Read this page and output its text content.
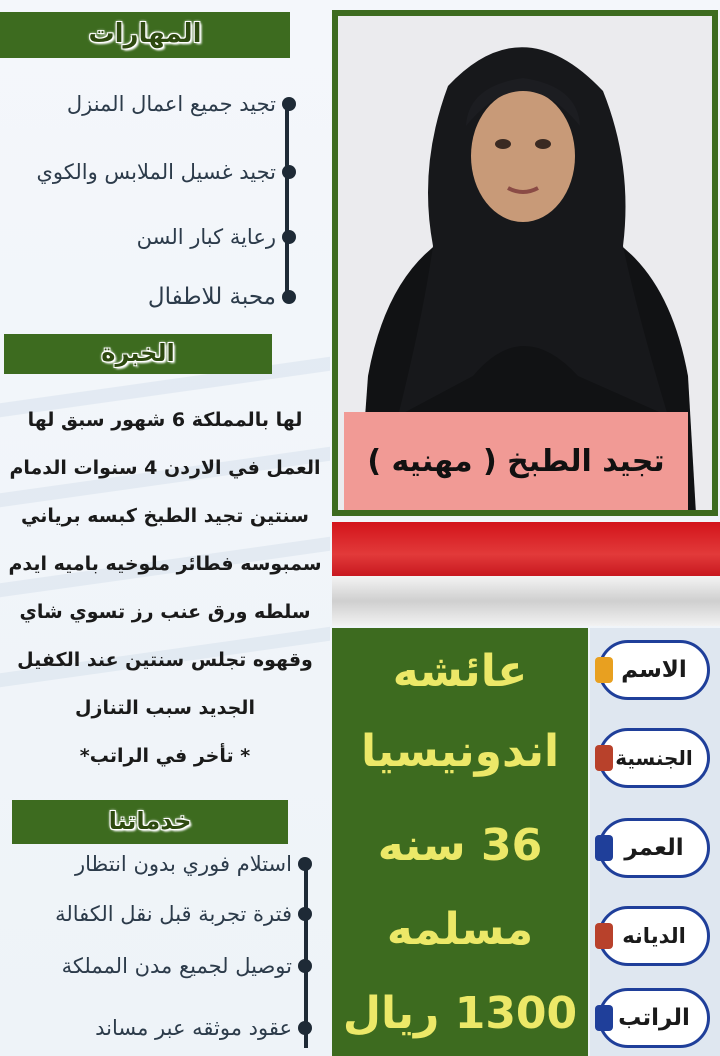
المهارات
تجيد جميع اعمال المنزل
تجيد غسيل الملابس والكوي
رعاية كبار السن
محبة للاطفال
الخبرة
لها بالمملكة 6 شهور سبق لها
العمل في الاردن 4 سنوات الدمام
سنتين تجيد الطبخ كبسه برياني
سمبوسه فطائر ملوخيه باميه ايدم
سلطه ورق عنب رز تسوي شاي
وقهوه تجلس سنتين عند الكفيل
الجديد سبب التنازل
* تأخر في الراتب*
خدماتنا
استلام فوري بدون انتظار
فترة تجربة قبل نقل الكفالة
توصيل لجميع مدن المملكة
عقود موثقه عبر مساند
تجيد الطبخ ( مهنيه )
عائشه
اندونيسيا
36 سنه
مسلمه
1300 ريال
الاسم
الجنسية
العمر
الديانه
الراتب
